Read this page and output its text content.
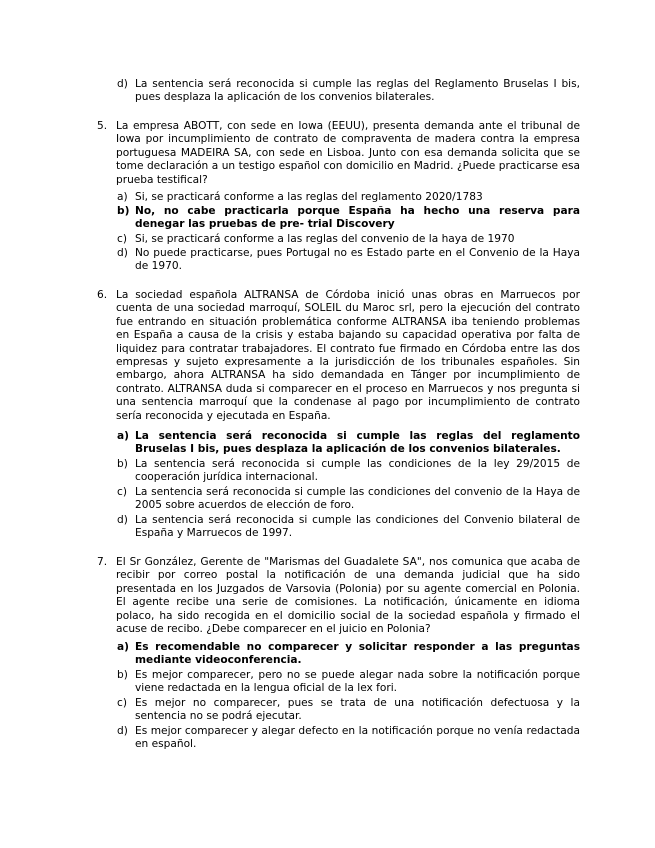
d) La sentencia será reconocida si cumple las reglas del Reglamento Bruselas I bis, pues desplaza la aplicación de los convenios bilaterales.
5. La empresa ABOTT, con sede en Iowa (EEUU), presenta demanda ante el tribunal de Iowa por incumplimiento de contrato de compraventa de madera contra la empresa portuguesa MADEIRA SA, con sede en Lisboa. Junto con esa demanda solicita que se tome declaración a un testigo español con domicilio en Madrid. ¿Puede practicarse esa prueba testifical?
a) Si, se practicará conforme a las reglas del reglamento 2020/1783
b) No, no cabe practicarla porque España ha hecho una reserva para denegar las pruebas de pre- trial Discovery
c) Si, se practicará conforme a las reglas del convenio de la haya de 1970
d) No puede practicarse, pues Portugal no es Estado parte en el Convenio de la Haya de 1970.
6. La sociedad española ALTRANSA de Córdoba inició unas obras en Marruecos por cuenta de una sociedad marroquí, SOLEIL du Maroc srl, pero la ejecución del contrato fue entrando en situación problemática conforme ALTRANSA iba teniendo problemas en España a causa de la crisis y estaba bajando su capacidad operativa por falta de liquidez para contratar trabajadores. El contrato fue firmado en Córdoba entre las dos empresas y sujeto expresamente a la jurisdicción de los tribunales españoles. Sin embargo, ahora ALTRANSA ha sido demandada en Tánger por incumplimiento de contrato. ALTRANSA duda si comparecer en el proceso en Marruecos y nos pregunta si una sentencia marroquí que la condenase al pago por incumplimiento de contrato sería reconocida y ejecutada en España.
a) La sentencia será reconocida si cumple las reglas del reglamento Bruselas I bis, pues desplaza la aplicación de los convenios bilaterales.
b) La sentencia será reconocida si cumple las condiciones de la ley 29/2015 de cooperación jurídica internacional.
c) La sentencia será reconocida si cumple las condiciones del convenio de la Haya de 2005 sobre acuerdos de elección de foro.
d) La sentencia será reconocida si cumple las condiciones del Convenio bilateral de España y Marruecos de 1997.
7. El Sr González, Gerente de "Marismas del Guadalete SA", nos comunica que acaba de recibir por correo postal la notificación de una demanda judicial que ha sido presentada en los Juzgados de Varsovia (Polonia) por su agente comercial en Polonia. El agente recibe una serie de comisiones. La notificación, únicamente en idioma polaco, ha sido recogida en el domicilio social de la sociedad española y firmado el acuse de recibo. ¿Debe comparecer en el juicio en Polonia?
a) Es recomendable no comparecer y solicitar responder a las preguntas mediante videoconferencia.
b) Es mejor comparecer, pero no se puede alegar nada sobre la notificación porque viene redactada en la lengua oficial de la lex fori.
c) Es mejor no comparecer, pues se trata de una notificación defectuosa y la sentencia no se podrá ejecutar.
d) Es mejor comparecer y alegar defecto en la notificación porque no venía redactada en español.
